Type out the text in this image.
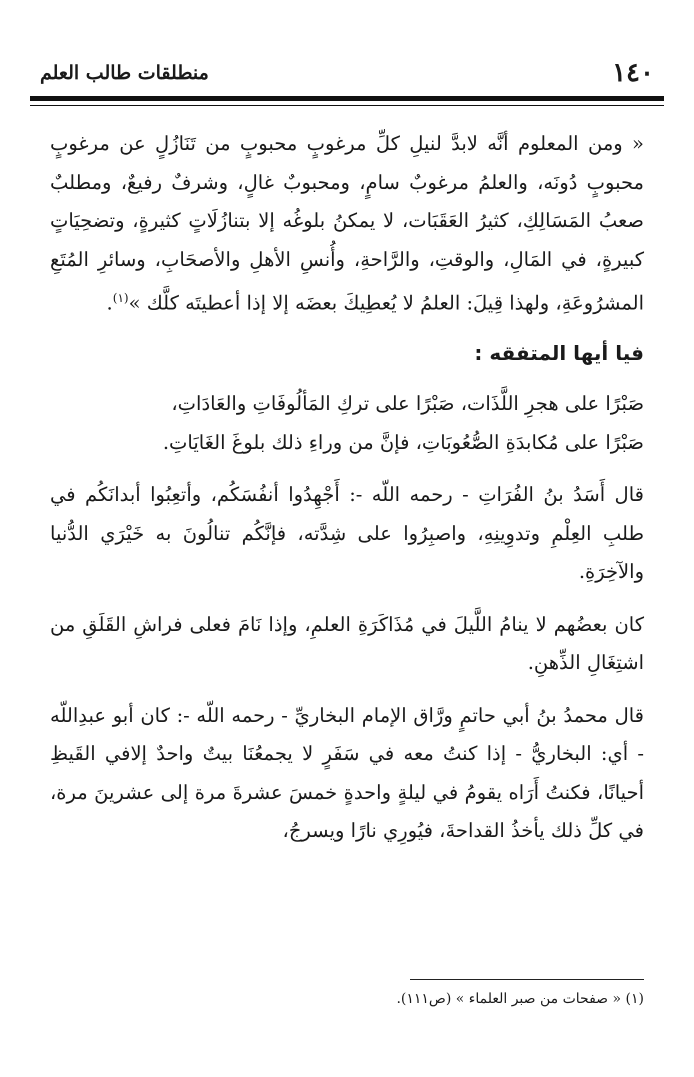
١٤٠
منطلقات طالب العلم

« ومن المعلوم أنَّه لابدَّ لنيلِ كلِّ مرغوبٍ محبوبٍ من تَنَازُلٍ عن مرغوبٍ محبوبٍ دُونَه، والعلمُ مرغوبٌ سامٍ، ومحبوبٌ غالٍ، وشرفٌ رفيعٌ، ومطلبٌ صعبُ المَسَالِكِ، كثيرُ العَقَبَات، لا يمكنُ بلوغُه إلا بتنازُلَاتٍ كثيرةٍ، وتضحِيَاتٍ كبيرةٍ، في المَالِ، والوقتِ، والرَّاحةِ، وأُنسِ الأهلِ والأصحَابِ، وسائرِ المُتَعِ المشرُوعَةِ، ولهذا قِيلَ: العلمُ لا يُعطِيكَ بعضَه إلا إذا أعطيتَه كلَّك »$^{(١)}$.

فيا أيها المتفقه :

صَبْرًا على هجرِ اللَّذَات، صَبْرًا على تركِ المَألُوفَاتِ والعَادَاتِ،

صَبْرًا على مُكابدَةِ الصُّعُوبَاتِ، فإنَّ من وراءِ ذلك بلوغَ الغَايَاتِ.

قال أَسَدُ بنُ الفُرَاتِ - رحمه اللّه -: أَجْهِدُوا أنفُسَكُم، وأتعِبُوا أبدانَكُم في طلبِ العِلْمِ وتدوِينِهِ، واصبِرُوا على شِدَّته، فإنَّكُم تنالُونَ به خَيْرَي الدُّنيا والآخِرَةِ.

كان بعضُهم لا ينامُ اللَّيلَ في مُذَاكَرَةِ العلمِ، وإذا نَامَ فعلى فراشِ القَلَقِ من اشتِغَالِ الذِّهنِ.

قال محمدُ بنُ أبي حاتمٍ ورَّاق الإمام البخاريِّ - رحمه اللّه -: كان أبو عبدِاللّه - أي: البخاريُّ - إذا كنتُ معه في سَفَرٍ لا يجمعُنَا بيتٌ واحدٌ إلافي القَيظِ أحيانًا، فكنتُ أَرَاه يقومُ في ليلةٍ واحدةٍ خمسَ عشرةَ مرة إلى عشرينَ مرة، في كلِّ ذلك يأخذُ القداحةَ، فيُورِي نارًا ويسرجُ،

(١) « صفحات من صبر العلماء » (ص١١١).
